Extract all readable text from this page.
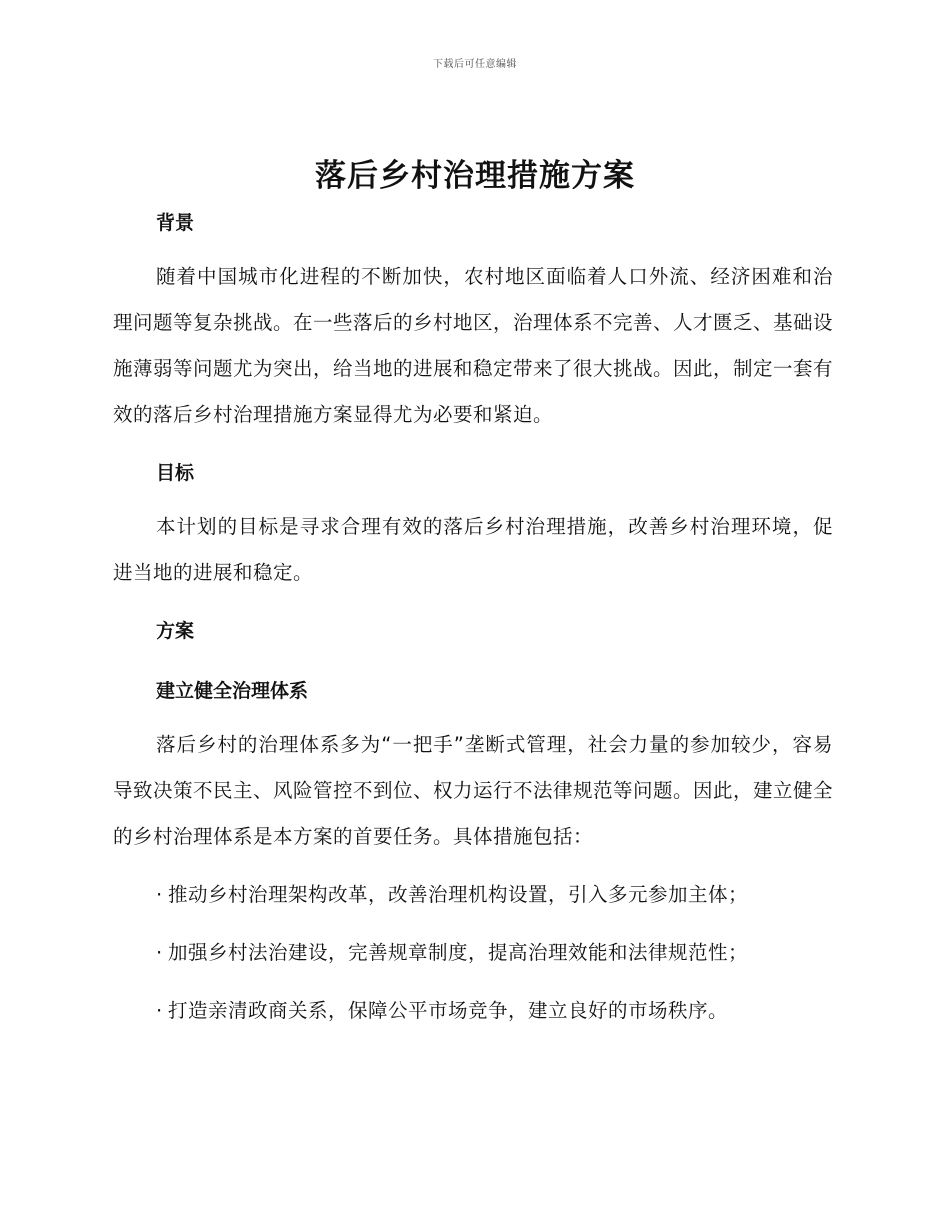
下载后可任意编辑
落后乡村治理措施方案
背景

随着中国城市化进程的不断加快，农村地区面临着人口外流、经济困难和治理问题等复杂挑战。在一些落后的乡村地区，治理体系不完善、人才匮乏、基础设施薄弱等问题尤为突出，给当地的进展和稳定带来了很大挑战。因此，制定一套有效的落后乡村治理措施方案显得尤为必要和紧迫。

目标

本计划的目标是寻求合理有效的落后乡村治理措施，改善乡村治理环境，促进当地的进展和稳定。

方案
建立健全治理体系

落后乡村的治理体系多为“一把手”垄断式管理，社会力量的参加较少，容易导致决策不民主、风险管控不到位、权力运行不法律规范等问题。因此，建立健全的乡村治理体系是本方案的首要任务。具体措施包括：

· 推动乡村治理架构改革，改善治理机构设置，引入多元参加主体；

· 加强乡村法治建设，完善规章制度，提高治理效能和法律规范性；

· 打造亲清政商关系，保障公平市场竞争，建立良好的市场秩序。
